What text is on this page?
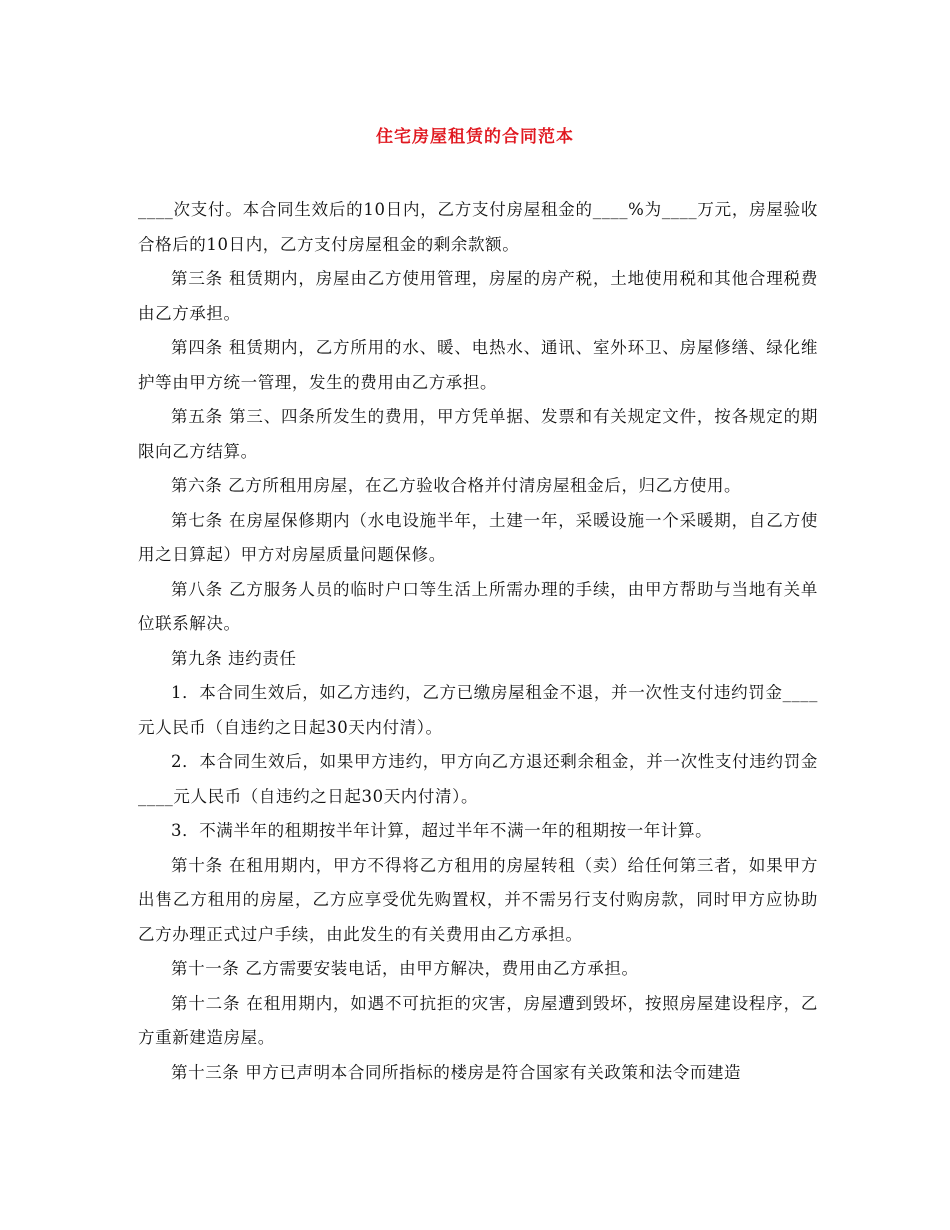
住宅房屋租赁的合同范本

____次支付。本合同生效后的10日内，乙方支付房屋租金的____%为____万元，房屋验收合格后的10日内，乙方支付房屋租金的剩余款额。

第三条 租赁期内，房屋由乙方使用管理，房屋的房产税，土地使用税和其他合理税费由乙方承担。

第四条 租赁期内，乙方所用的水、暖、电热水、通讯、室外环卫、房屋修缮、绿化维护等由甲方统一管理，发生的费用由乙方承担。

第五条 第三、四条所发生的费用，甲方凭单据、发票和有关规定文件，按各规定的期限向乙方结算。

第六条 乙方所租用房屋，在乙方验收合格并付清房屋租金后，归乙方使用。

第七条 在房屋保修期内（水电设施半年，土建一年，采暖设施一个采暖期，自乙方使用之日算起）甲方对房屋质量问题保修。

第八条 乙方服务人员的临时户口等生活上所需办理的手续，由甲方帮助与当地有关单位联系解决。

第九条 违约责任

1．本合同生效后，如乙方违约，乙方已缴房屋租金不退，并一次性支付违约罚金____元人民币（自违约之日起30天内付清）。

2．本合同生效后，如果甲方违约，甲方向乙方退还剩余租金，并一次性支付违约罚金____元人民币（自违约之日起30天内付清）。

3．不满半年的租期按半年计算，超过半年不满一年的租期按一年计算。

第十条 在租用期内，甲方不得将乙方租用的房屋转租（卖）给任何第三者，如果甲方出售乙方租用的房屋，乙方应享受优先购置权，并不需另行支付购房款，同时甲方应协助乙方办理正式过户手续，由此发生的有关费用由乙方承担。

第十一条 乙方需要安装电话，由甲方解决，费用由乙方承担。

第十二条 在租用期内，如遇不可抗拒的灾害，房屋遭到毁坏，按照房屋建设程序，乙方重新建造房屋。

第十三条 甲方已声明本合同所指标的楼房是符合国家有关政策和法令而建造
